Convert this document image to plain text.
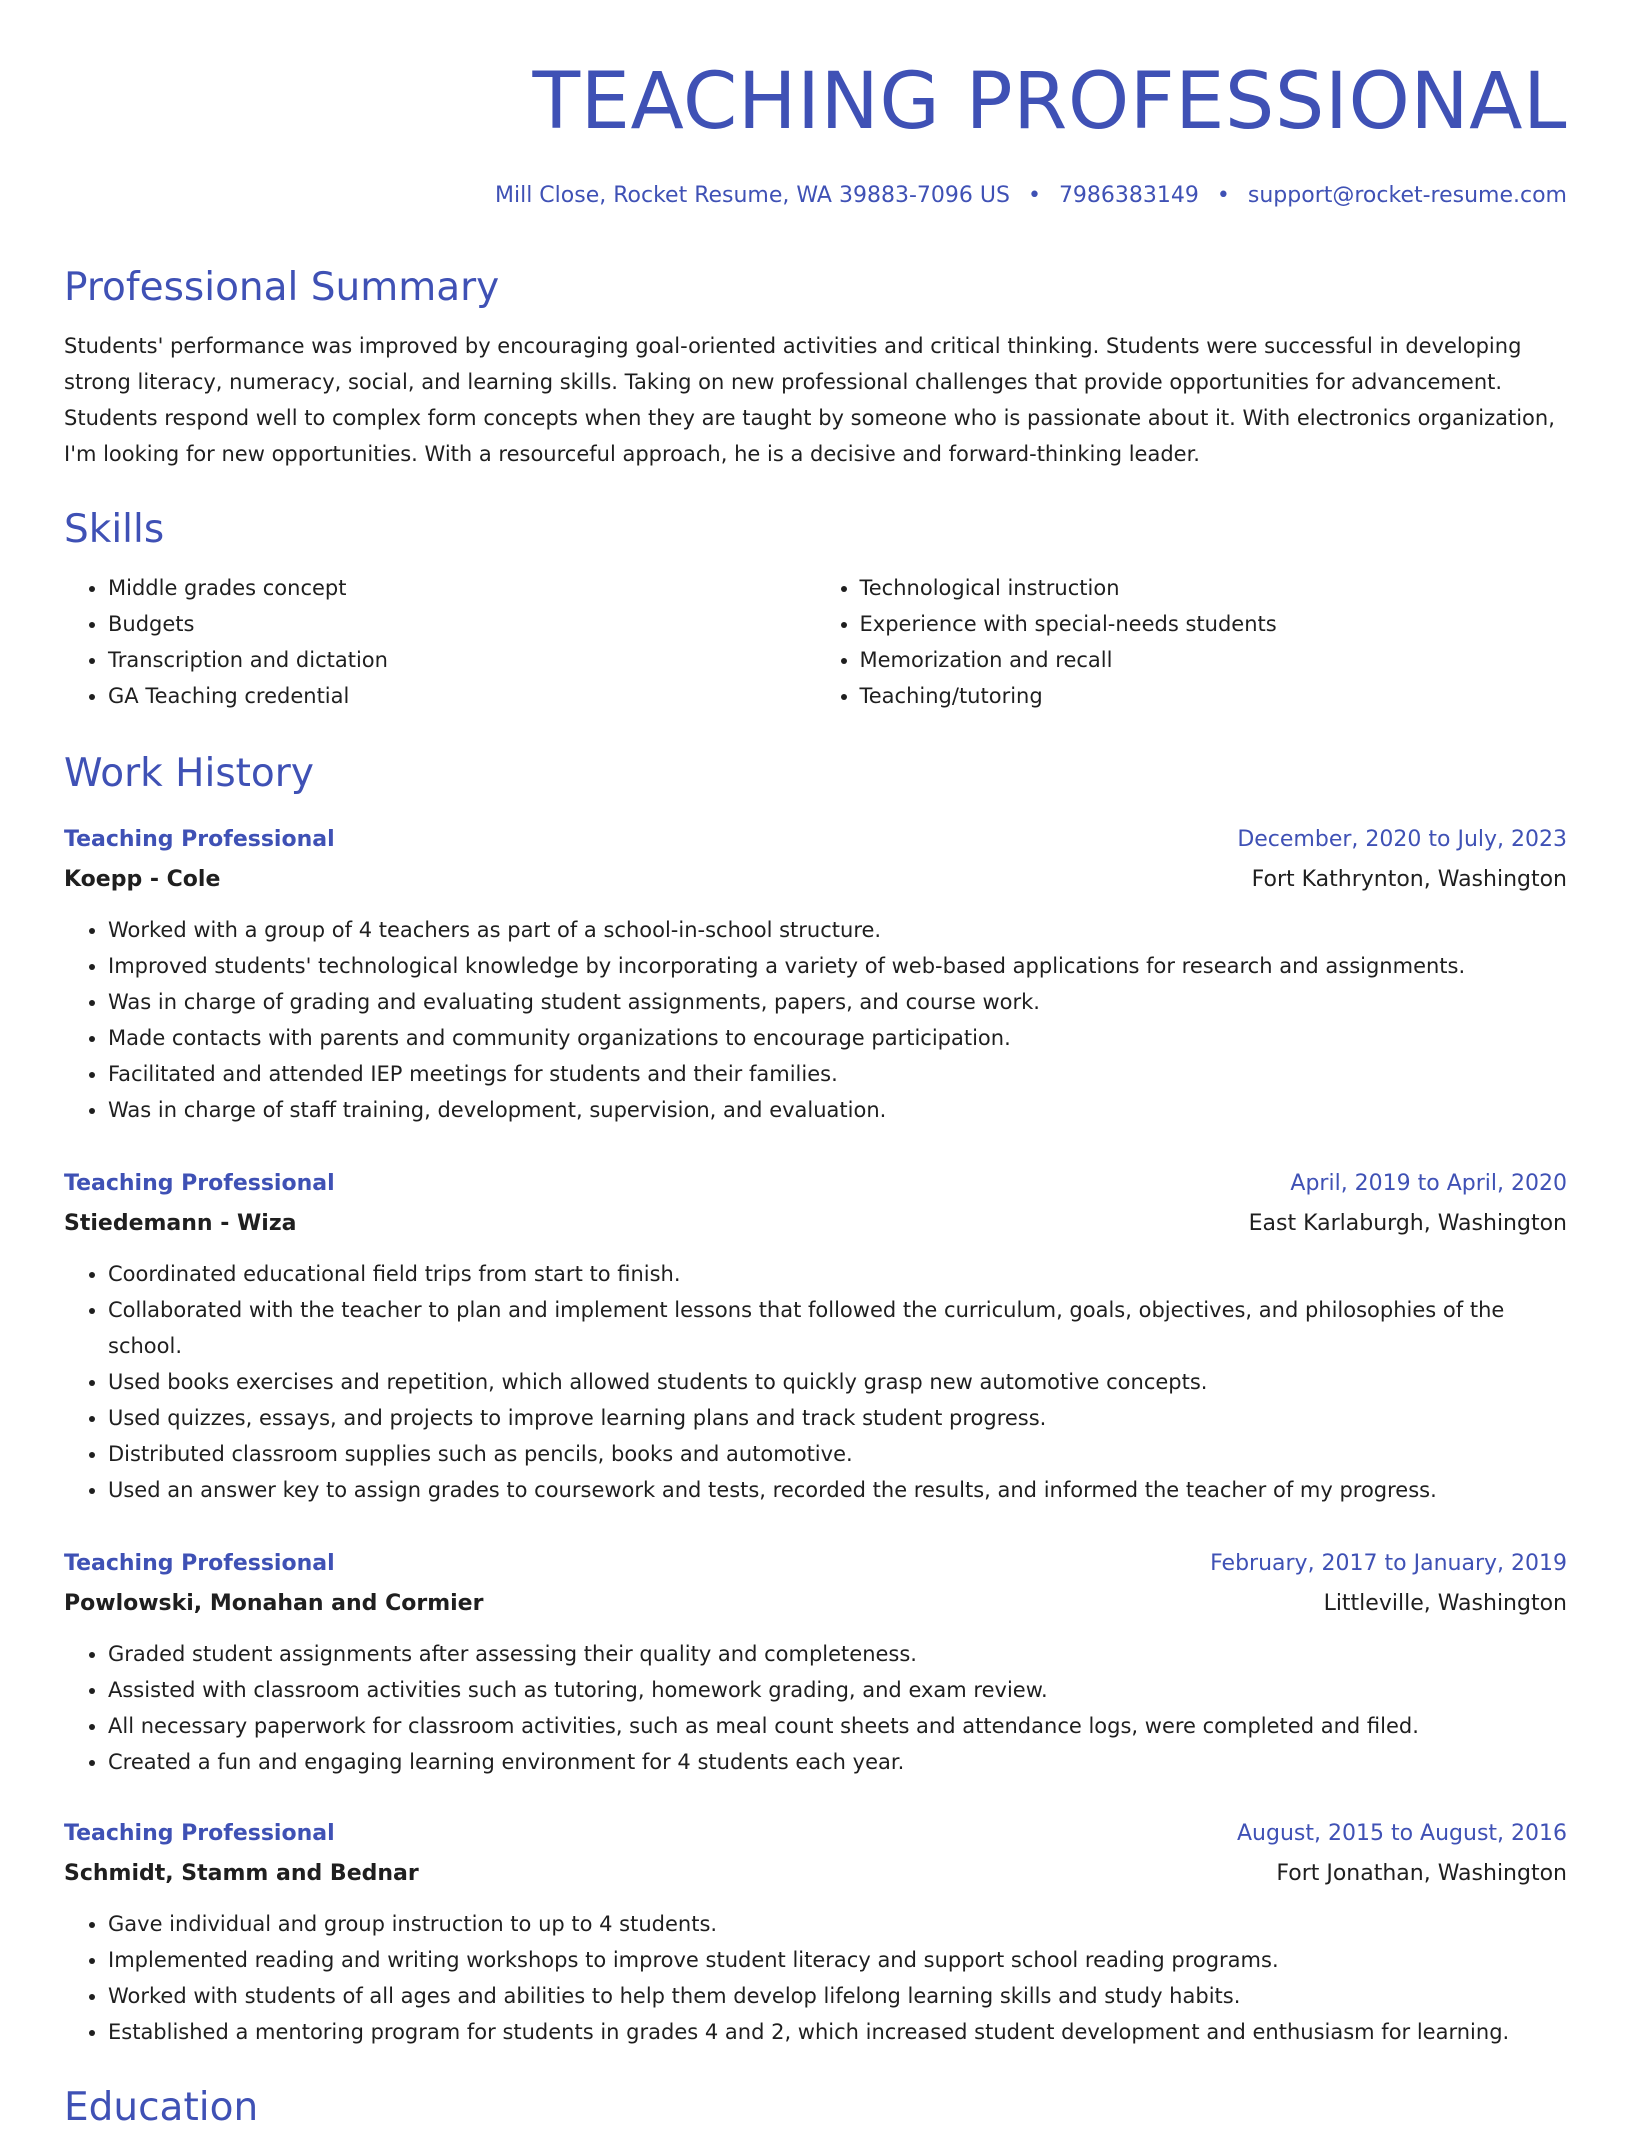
TEACHING PROFESSIONAL
Mill Close, Rocket Resume, WA 39883-7096 US • 7986383149 • support@rocket-resume.com
Professional Summary

Students' performance was improved by encouraging goal-oriented activities and critical thinking. Students were successful in developing strong literacy, numeracy, social, and learning skills. Taking on new professional challenges that provide opportunities for advancement. Students respond well to complex form concepts when they are taught by someone who is passionate about it. With electronics organization, I'm looking for new opportunities. With a resourceful approach, he is a decisive and forward-thinking leader.

Skills
• Middle grades concept
• Budgets
• Transcription and dictation
• GA Teaching credential
• Technological instruction
• Experience with special-needs students
• Memorization and recall
• Teaching/tutoring
Work History
Teaching Professional	December, 2020 to July, 2023
Koepp - Cole	Fort Kathrynton, Washington
• Worked with a group of 4 teachers as part of a school-in-school structure.
• Improved students' technological knowledge by incorporating a variety of web-based applications for research and assignments.
• Was in charge of grading and evaluating student assignments, papers, and course work.
• Made contacts with parents and community organizations to encourage participation.
• Facilitated and attended IEP meetings for students and their families.
• Was in charge of staff training, development, supervision, and evaluation.
Teaching Professional	April, 2019 to April, 2020
Stiedemann - Wiza	East Karlaburgh, Washington
• Coordinated educational field trips from start to finish.
• Collaborated with the teacher to plan and implement lessons that followed the curriculum, goals, objectives, and philosophies of the school.
• Used books exercises and repetition, which allowed students to quickly grasp new automotive concepts.
• Used quizzes, essays, and projects to improve learning plans and track student progress.
• Distributed classroom supplies such as pencils, books and automotive.
• Used an answer key to assign grades to coursework and tests, recorded the results, and informed the teacher of my progress.
Teaching Professional	February, 2017 to January, 2019
Powlowski, Monahan and Cormier	Littleville, Washington
• Graded student assignments after assessing their quality and completeness.
• Assisted with classroom activities such as tutoring, homework grading, and exam review.
• All necessary paperwork for classroom activities, such as meal count sheets and attendance logs, were completed and filed.
• Created a fun and engaging learning environment for 4 students each year.
Teaching Professional	August, 2015 to August, 2016
Schmidt, Stamm and Bednar	Fort Jonathan, Washington
• Gave individual and group instruction to up to 4 students.
• Implemented reading and writing workshops to improve student literacy and support school reading programs.
• Worked with students of all ages and abilities to help them develop lifelong learning skills and study habits.
• Established a mentoring program for students in grades 4 and 2, which increased student development and enthusiasm for learning.
Education
